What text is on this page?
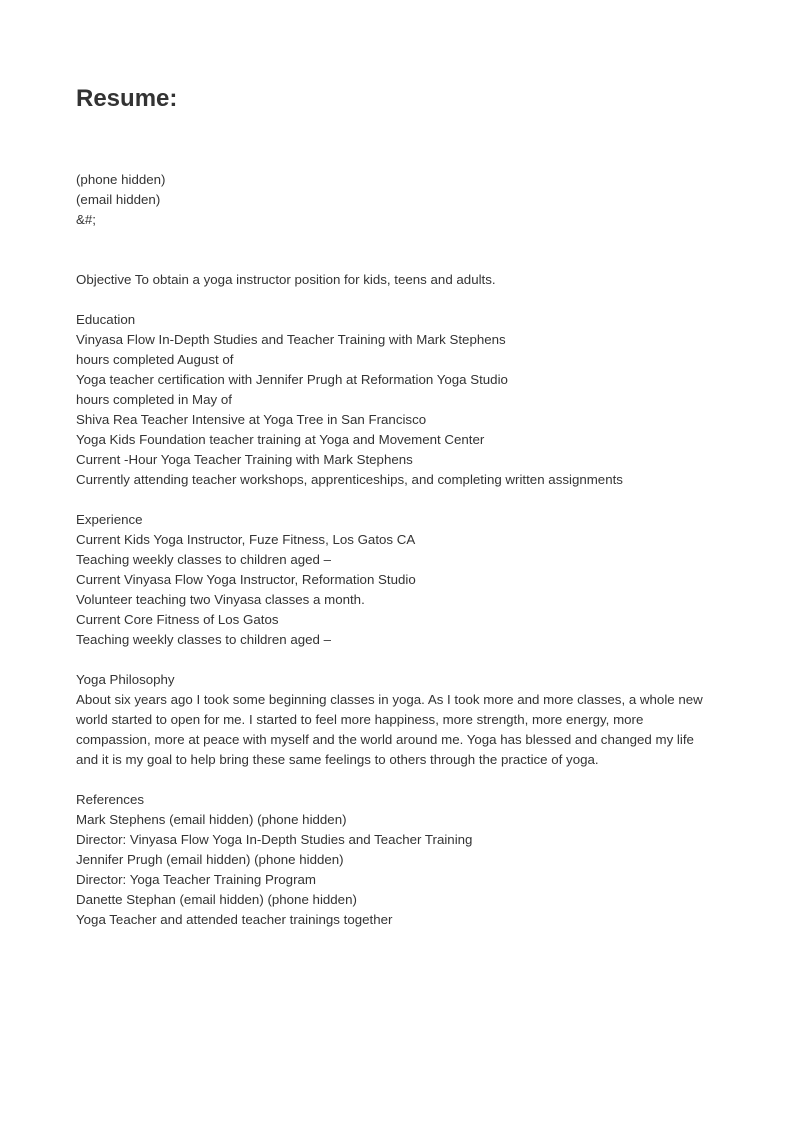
Resume:
(phone hidden)
(email hidden)
&#;
Objective To obtain a yoga instructor position for kids, teens and adults.
Education
Vinyasa Flow In-Depth Studies and Teacher Training with Mark Stephens
hours completed August of
Yoga teacher certification with Jennifer Prugh at Reformation Yoga Studio
hours completed in May of
Shiva Rea Teacher Intensive at Yoga Tree in San Francisco
Yoga Kids Foundation teacher training at Yoga and Movement Center
Current -Hour Yoga Teacher Training with Mark Stephens
Currently attending teacher workshops, apprenticeships, and completing written assignments
Experience
Current Kids Yoga Instructor, Fuze Fitness, Los Gatos CA
Teaching weekly classes to children aged –
Current Vinyasa Flow Yoga Instructor, Reformation Studio
Volunteer teaching two Vinyasa classes a month.
Current Core Fitness of Los Gatos
Teaching weekly classes to children aged –
Yoga Philosophy
About six years ago I took some beginning classes in yoga. As I took more and more classes, a whole new world started to open for me. I started to feel more happiness, more strength, more energy, more compassion, more at peace with myself and the world around me. Yoga has blessed and changed my life and it is my goal to help bring these same feelings to others through the practice of yoga.
References
Mark Stephens (email hidden) (phone hidden)
Director: Vinyasa Flow Yoga In-Depth Studies and Teacher Training
Jennifer Prugh (email hidden) (phone hidden)
Director: Yoga Teacher Training Program
Danette Stephan (email hidden) (phone hidden)
Yoga Teacher and attended teacher trainings together
